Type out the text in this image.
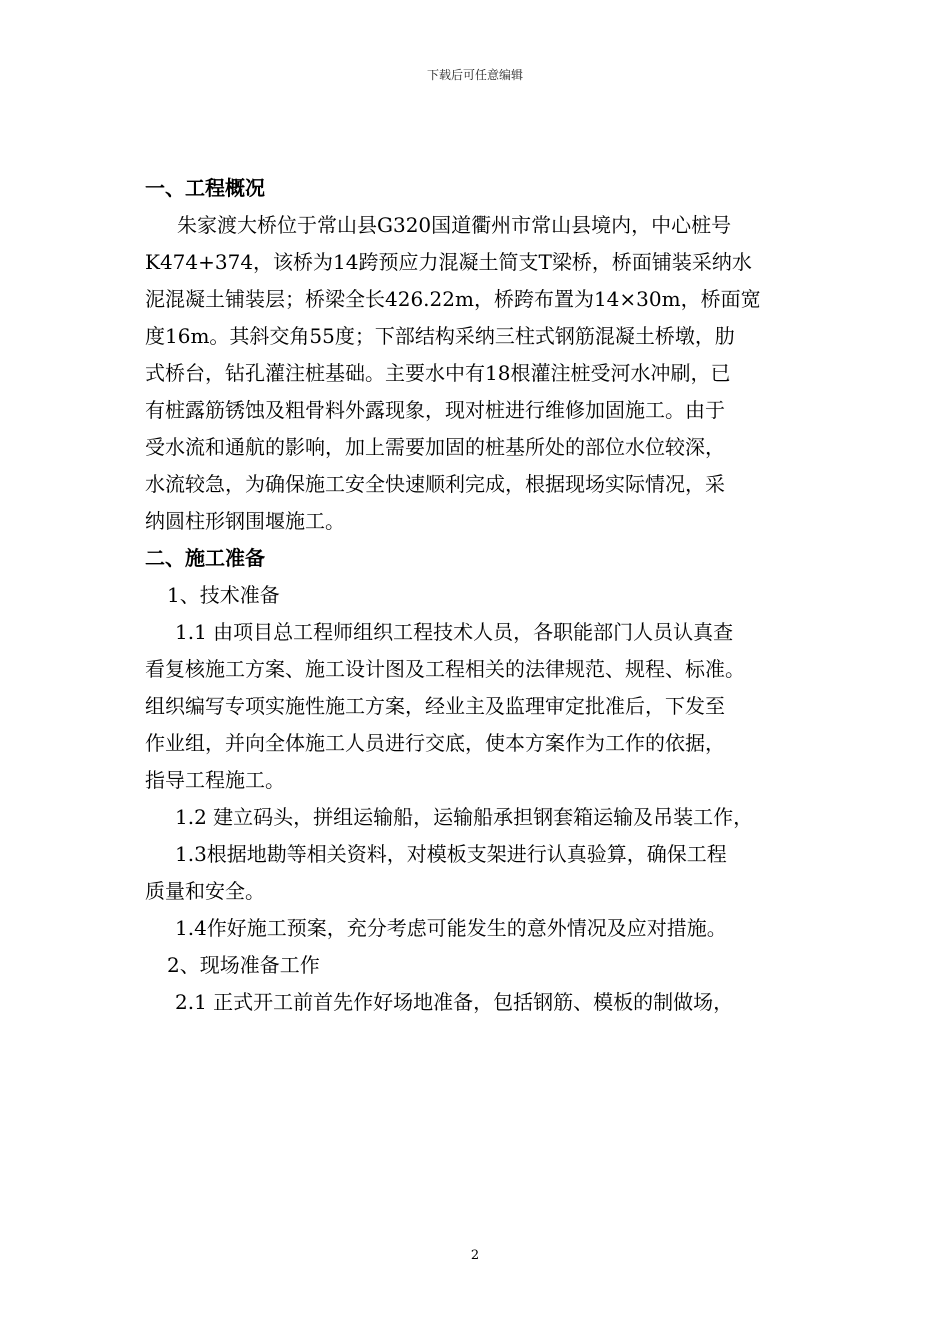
下载后可任意编辑
一、工程概况
朱家渡大桥位于常山县G320国道衢州市常山县境内，中心桩号
K474+374，该桥为14跨预应力混凝土简支T梁桥，桥面铺装采纳水
泥混凝土铺装层；桥梁全长426.22m，桥跨布置为14×30m，桥面宽
度16m。其斜交角55度；下部结构采纳三柱式钢筋混凝土桥墩，肋
式桥台，钻孔灌注桩基础。主要水中有18根灌注桩受河水冲刷，已
有桩露筋锈蚀及粗骨料外露现象，现对桩进行维修加固施工。由于
受水流和通航的影响，加上需要加固的桩基所处的部位水位较深，
水流较急，为确保施工安全快速顺利完成，根据现场实际情况，采
纳圆柱形钢围堰施工。
二、施工准备
1、技术准备
1.1 由项目总工程师组织工程技术人员，各职能部门人员认真查
看复核施工方案、施工设计图及工程相关的法律规范、规程、标准。
组织编写专项实施性施工方案，经业主及监理审定批准后，下发至
作业组，并向全体施工人员进行交底，使本方案作为工作的依据，
指导工程施工。
1.2 建立码头，拼组运输船，运输船承担钢套箱运输及吊装工作，
1.3根据地勘等相关资料，对模板支架进行认真验算，确保工程
质量和安全。
1.4作好施工预案，充分考虑可能发生的意外情况及应对措施。
2、现场准备工作
2.1 正式开工前首先作好场地准备，包括钢筋、模板的制做场，
2
